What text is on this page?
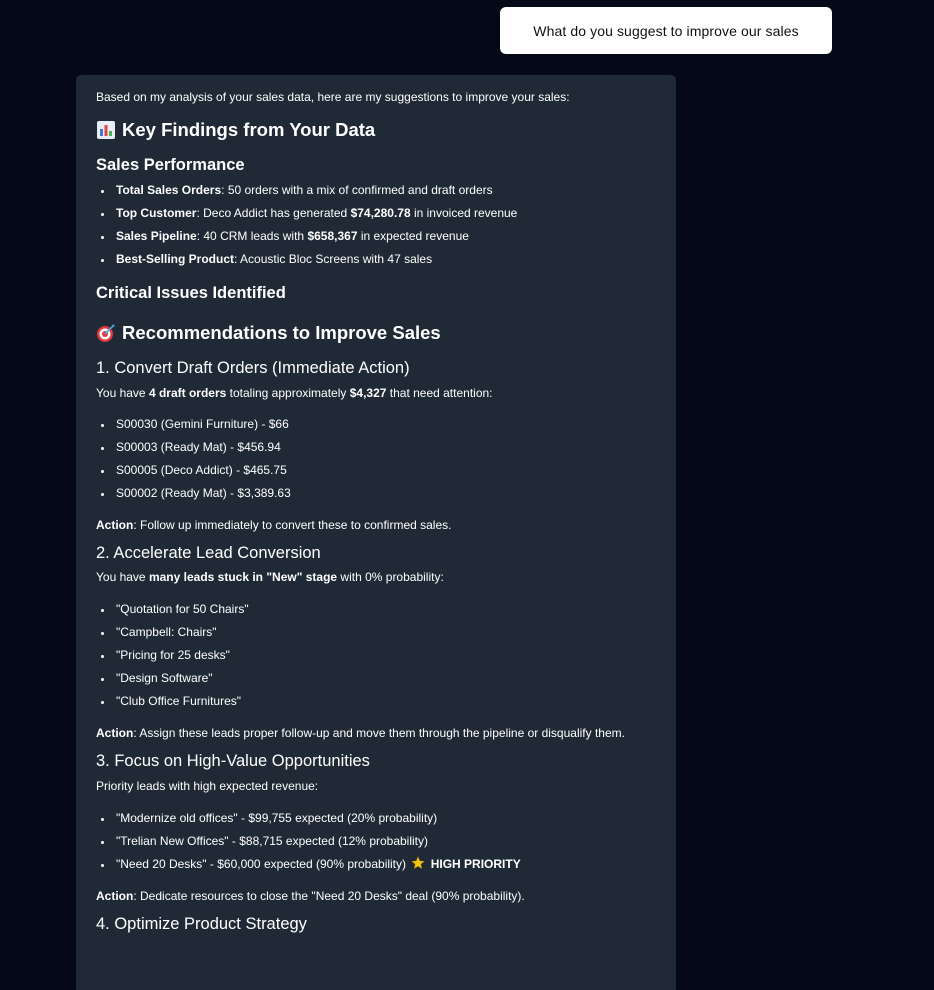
What do you suggest to improve our sales

Based on my analysis of your sales data, here are my suggestions to improve your sales:

Key Findings from Your Data
Sales Performance
Total Sales Orders: 50 orders with a mix of confirmed and draft orders
Top Customer: Deco Addict has generated $74,280.78 in invoiced revenue
Sales Pipeline: 40 CRM leads with $658,367 in expected revenue
Best-Selling Product: Acoustic Bloc Screens with 47 sales
Critical Issues Identified
Recommendations to Improve Sales
1. Convert Draft Orders (Immediate Action)

You have 4 draft orders totaling approximately $4,327 that need attention:

S00030 (Gemini Furniture) - $66
S00003 (Ready Mat) - $456.94
S00005 (Deco Addict) - $465.75
S00002 (Ready Mat) - $3,389.63

Action: Follow up immediately to convert these to confirmed sales.

2. Accelerate Lead Conversion

You have many leads stuck in "New" stage with 0% probability:

"Quotation for 50 Chairs"
"Campbell: Chairs"
"Pricing for 25 desks"
"Design Software"
"Club Office Furnitures"

Action: Assign these leads proper follow-up and move them through the pipeline or disqualify them.

3. Focus on High-Value Opportunities

Priority leads with high expected revenue:

"Modernize old offices" - $99,755 expected (20% probability)
"Trelian New Offices" - $88,715 expected (12% probability)
"Need 20 Desks" - $60,000 expected (90% probability) HIGH PRIORITY

Action: Dedicate resources to close the "Need 20 Desks" deal (90% probability).

4. Optimize Product Strategy
